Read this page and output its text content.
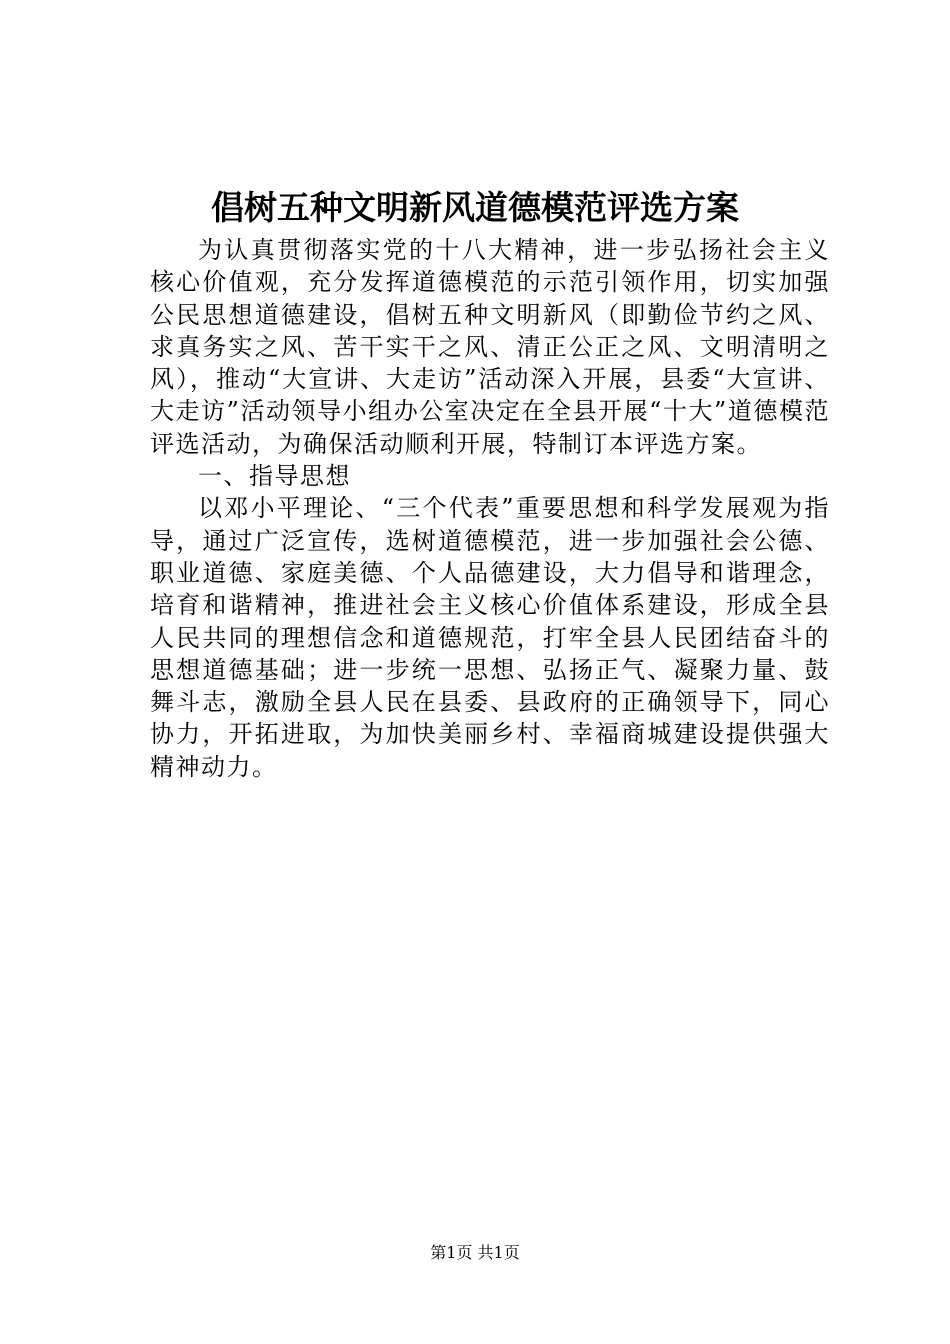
倡树五种文明新风道德模范评选方案

为认真贯彻落实党的十八大精神，进一步弘扬社会主义核心价值观，充分发挥道德模范的示范引领作用，切实加强公民思想道德建设，倡树五种文明新风（即勤俭节约之风、求真务实之风、苦干实干之风、清正公正之风、文明清明之风），推动“大宣讲、大走访”活动深入开展，县委“大宣讲、大走访”活动领导小组办公室决定在全县开展“十大”道德模范评选活动，为确保活动顺利开展，特制订本评选方案。

一、指导思想

以邓小平理论、“三个代表”重要思想和科学发展观为指导，通过广泛宣传，选树道德模范，进一步加强社会公德、职业道德、家庭美德、个人品德建设，大力倡导和谐理念，培育和谐精神，推进社会主义核心价值体系建设，形成全县人民共同的理想信念和道德规范，打牢全县人民团结奋斗的思想道德基础；进一步统一思想、弘扬正气、凝聚力量、鼓舞斗志，激励全县人民在县委、县政府的正确领导下，同心协力，开拓进取，为加快美丽乡村、幸福商城建设提供强大精神动力。

第1页 共1页
